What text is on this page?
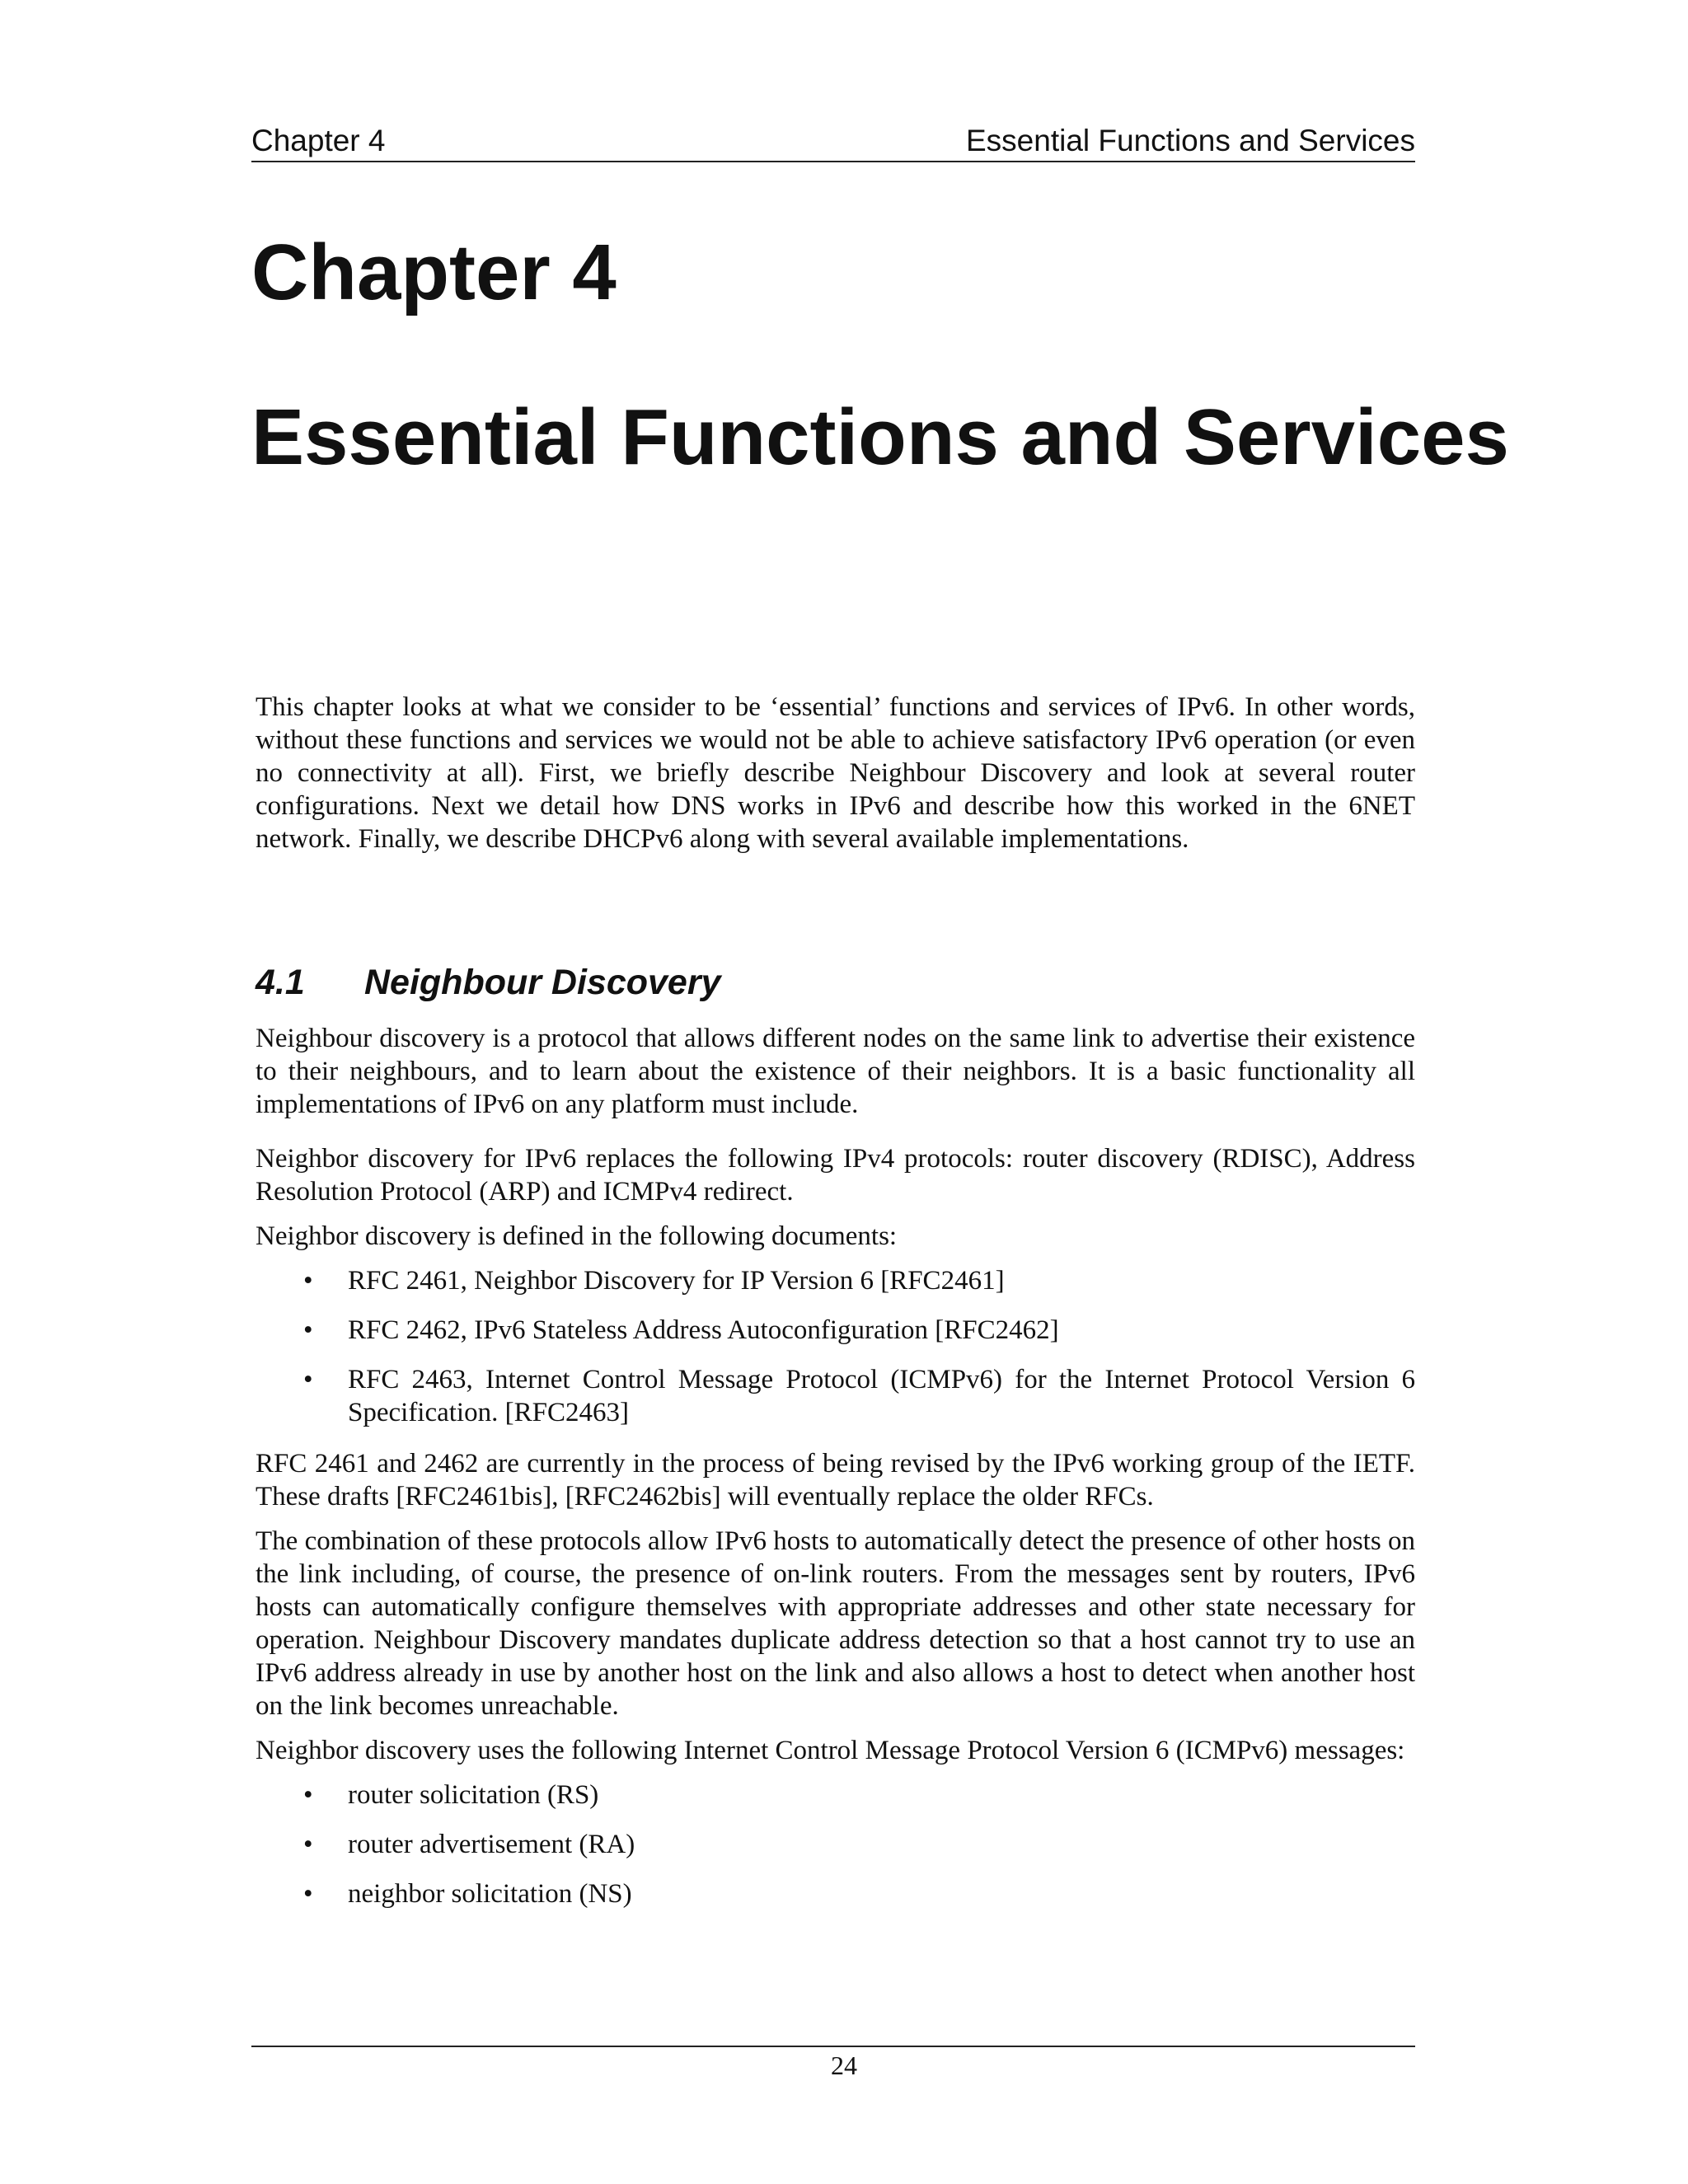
Chapter 4	Essential Functions and Services
Chapter 4
Essential Functions and Services

This chapter looks at what we consider to be ‘essential’ functions and services of IPv6. In other words, without these functions and services we would not be able to achieve satisfactory IPv6 operation (or even no connectivity at all). First, we briefly describe Neighbour Discovery and look at several router configurations. Next we detail how DNS works in IPv6 and describe how this worked in the 6NET network. Finally, we describe DHCPv6 along with several available implementations.

4.1	Neighbour Discovery

Neighbour discovery is a protocol that allows different nodes on the same link to advertise their existence to their neighbours, and to learn about the existence of their neighbors. It is a basic functionality all implementations of IPv6 on any platform must include.

Neighbor discovery for IPv6 replaces the following IPv4 protocols: router discovery (RDISC), Address Resolution Protocol (ARP) and ICMPv4 redirect.

Neighbor discovery is defined in the following documents:

• RFC 2461, Neighbor Discovery for IP Version 6 [RFC2461]
• RFC 2462, IPv6 Stateless Address Autoconfiguration [RFC2462]
• RFC 2463, Internet Control Message Protocol (ICMPv6) for the Internet Protocol Version 6 Specification. [RFC2463]

RFC 2461 and 2462 are currently in the process of being revised by the IPv6 working group of the IETF. These drafts [RFC2461bis], [RFC2462bis] will eventually replace the older RFCs.

The combination of these protocols allow IPv6 hosts to automatically detect the presence of other hosts on the link including, of course, the presence of on-link routers. From the messages sent by routers, IPv6 hosts can automatically configure themselves with appropriate addresses and other state necessary for operation. Neighbour Discovery mandates duplicate address detection so that a host cannot try to use an IPv6 address already in use by another host on the link and also allows a host to detect when another host on the link becomes unreachable.

Neighbor discovery uses the following Internet Control Message Protocol Version 6 (ICMPv6) messages:

• router solicitation (RS)
• router advertisement (RA)
• neighbor solicitation (NS)
24
